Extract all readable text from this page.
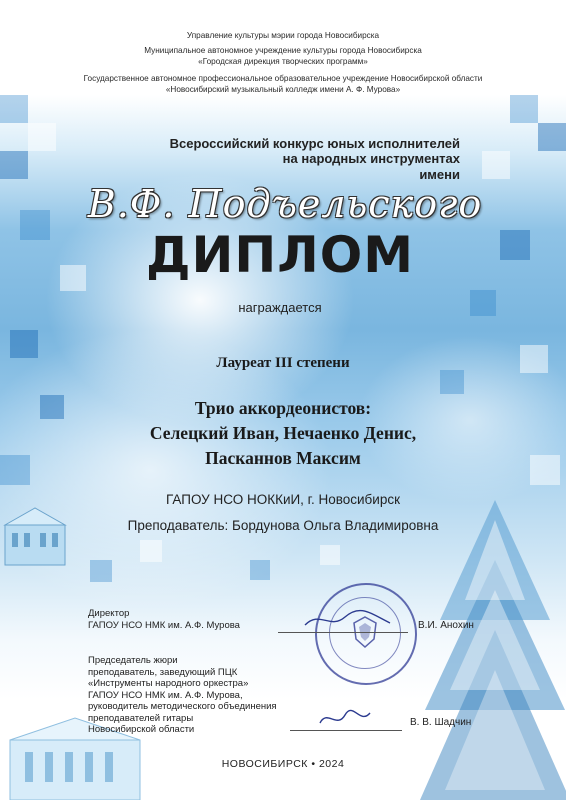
Управление культуры мэрии города Новосибирска
Муниципальное автономное учреждение культуры города Новосибирска
«Городская дирекция творческих программ»
Государственное автономное профессиональное образовательное учреждение Новосибирской области
«Новосибирский музыкальный колледж имени А. Ф. Мурова»
Всероссийский конкурс юных исполнителей
на народных инструментах
имени
В.Ф. Подъельского
ДИПЛОМ
награждается
Лауреат III степени
Трио аккордеонистов:
Селецкий Иван, Нечаенко Денис,
Пасканнов Максим
ГАПОУ НСО НОККиИ, г. Новосибирск
Преподаватель: Бордунова Ольга Владимировна
Директор
ГАПОУ НСО НМК им. А.Ф. Мурова	В.И. Анохин
Председатель жюри
преподаватель, заведующий ПЦК
«Инструменты народного оркестра»
ГАПОУ НСО НМК им. А.Ф. Мурова,
руководитель методического объединения
преподавателей гитары
Новосибирской области
В. В. Шадчин
НОВОСИБИРСК • 2024
